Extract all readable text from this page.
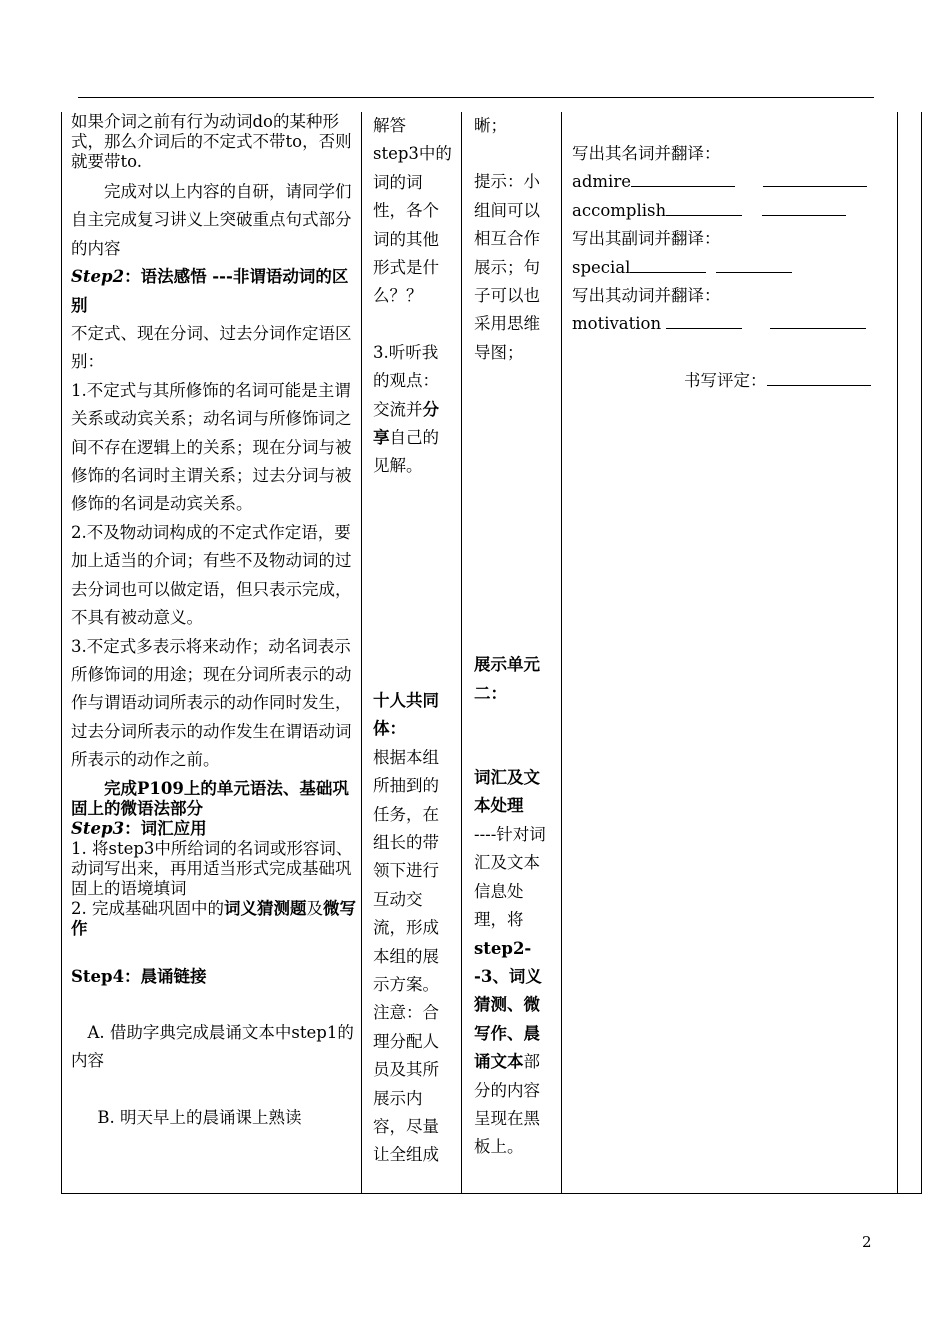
如果介词之前有行为动词do的某种形式，那么介词后的不定式不带to，否则就要带to.

完成对以上内容的自研，请同学们自主完成复习讲义上突破重点句式部分的内容

Step2：语法感悟 ---非谓语动词的区别

不定式、现在分词、过去分词作定语区别：

1.不定式与其所修饰的名词可能是主谓关系或动宾关系；动名词与所修饰词之间不存在逻辑上的关系；现在分词与被修饰的名词时主谓关系；过去分词与被修饰的名词是动宾关系。

2.不及物动词构成的不定式作定语，要加上适当的介词；有些不及物动词的过去分词也可以做定语，但只表示完成，不具有被动意义。

3.不定式多表示将来动作；动名词表示所修饰词的用途；现在分词所表示的动作与谓语动词所表示的动作同时发生，过去分词所表示的动作发生在谓语动词所表示的动作之前。

完成P109上的单元语法、基础巩固上的微语法部分

Step3：词汇应用

1. 将step3中所给词的名词或形容词、动词写出来，再用适当形式完成基础巩固上的语境填词

2. 完成基础巩固中的词义猜测题及微写作

Step4：晨诵链接

A. 借助字典完成晨诵文本中step1的内容

B. 明天早上的晨诵课上熟读

解答

step3中的词的词性，各个词的其他形式是什么？？

3.听听我的观点：交流并分享自己的见解。

十人共同体：

根据本组所抽到的任务，在组长的带领下进行互动交流，形成本组的展示方案。注意：合理分配人员及其所展示内容，尽量让全组成

晰；

提示：小组间可以相互合作展示；句子可以也采用思维导图；

展示单元二：

词汇及文本处理

----针对词汇及文本信息处理，将step2--3、词义猜测、微写作、晨诵文本部分的内容呈现在黑板上。

写出其名词并翻译：

admire

accomplish

写出其副词并翻译：

special

写出其动词并翻译：

motivation

书写评定：

2
